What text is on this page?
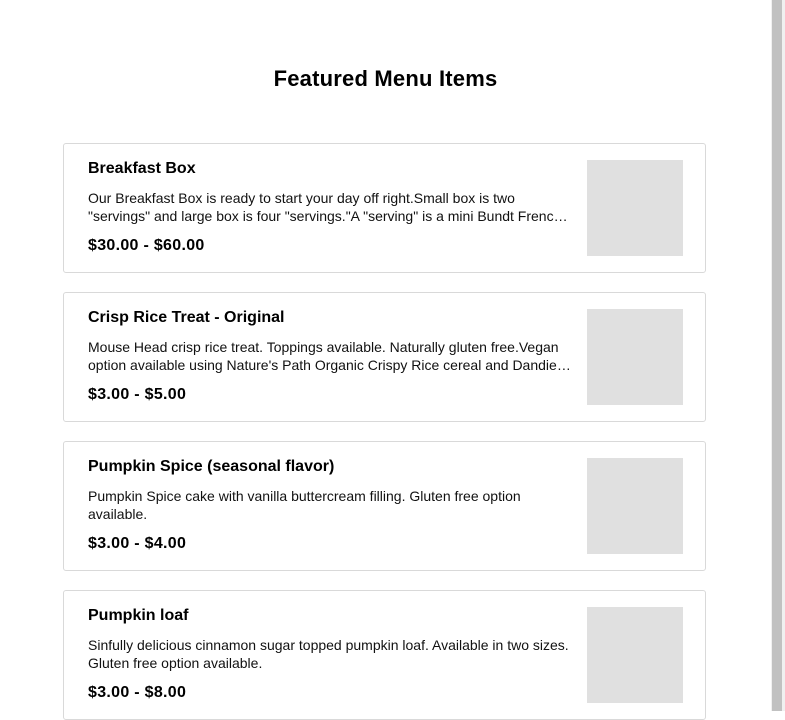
Featured Menu Items
Breakfast Box
Our Breakfast Box is ready to start your day off right.Small box is two "servings" and large box is four "servings."A "serving" is a mini Bundt French
$30.00 - $60.00
Crisp Rice Treat - Original
Mouse Head crisp rice treat. Toppings available. Naturally gluten free.Vegan option available using Nature's Path Organic Crispy Rice cereal and Dandies
$3.00 - $5.00
Pumpkin Spice (seasonal flavor)
Pumpkin Spice cake with vanilla buttercream filling. Gluten free option available.
$3.00 - $4.00
Pumpkin loaf
Sinfully delicious cinnamon sugar topped pumpkin loaf. Available in two sizes. Gluten free option available.
$3.00 - $8.00
